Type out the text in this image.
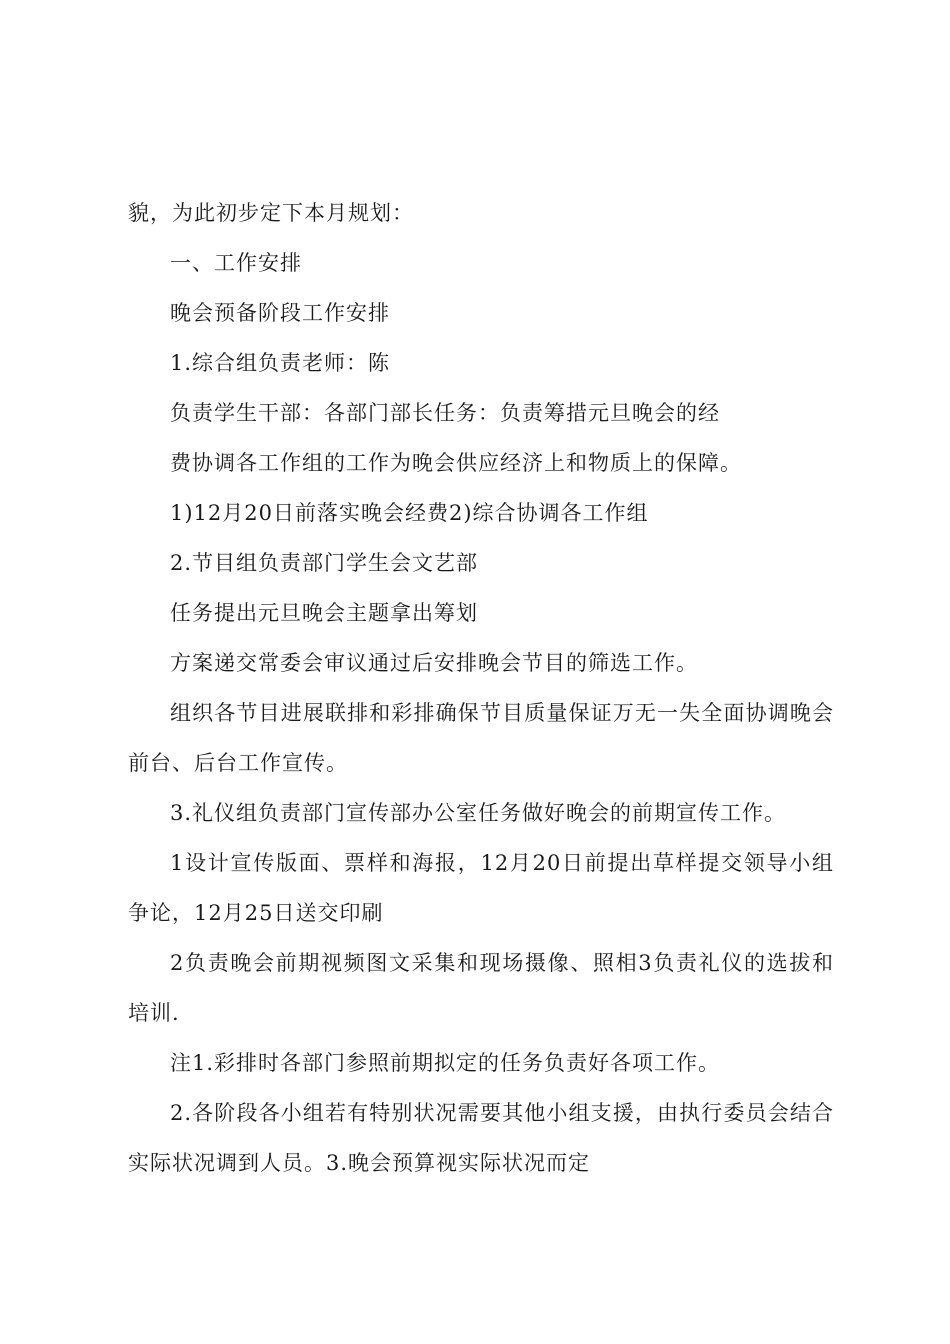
貌，为此初步定下本月规划：

一、工作安排

晚会预备阶段工作安排

1.综合组负责老师：陈

负责学生干部：各部门部长任务：负责筹措元旦晚会的经

费协调各工作组的工作为晚会供应经济上和物质上的保障。

1)12月20日前落实晚会经费2)综合协调各工作组

2.节目组负责部门学生会文艺部

任务提出元旦晚会主题拿出筹划

方案递交常委会审议通过后安排晚会节目的筛选工作。

组织各节目进展联排和彩排确保节目质量保证万无一失全面协调晚会前台、后台工作宣传。

3.礼仪组负责部门宣传部办公室任务做好晚会的前期宣传工作。

1设计宣传版面、票样和海报，12月20日前提出草样提交领导小组争论，12月25日送交印刷

2负责晚会前期视频图文采集和现场摄像、照相3负责礼仪的选拔和培训.

注1.彩排时各部门参照前期拟定的任务负责好各项工作。

2.各阶段各小组若有特别状况需要其他小组支援，由执行委员会结合实际状况调到人员。3.晚会预算视实际状况而定
